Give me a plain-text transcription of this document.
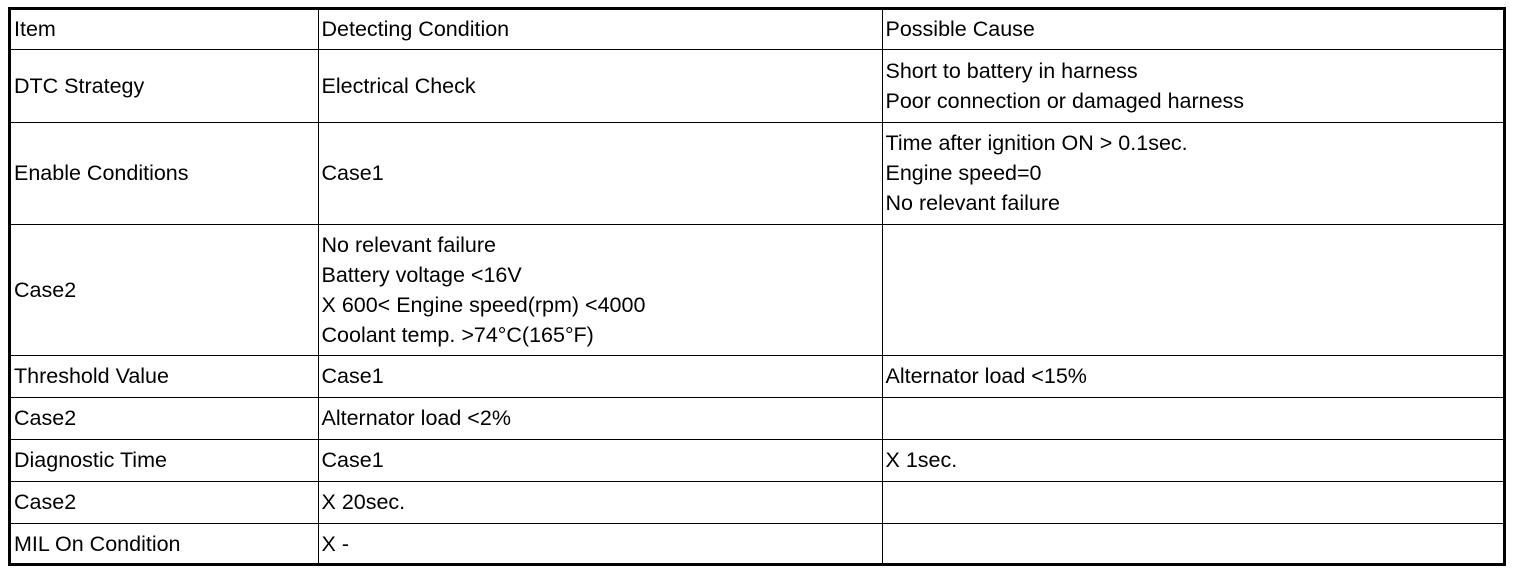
Item	Detecting Condition	Possible Cause
DTC Strategy	Electrical Check	Short to battery in harness
Poor connection or damaged harness

Enable Conditions	Case1	Time after ignition ON > 0.1sec.
Engine speed=0
No relevant failure

Case2	No relevant failure
Battery voltage <16V
X 600< Engine speed(rpm) <4000
Coolant temp. >74°C(165°F)	

Threshold Value	Case1	Alternator load <15%

Case2	Alternator load <2%	

Diagnostic Time	Case1	X 1sec.

Case2	X 20sec.	

MIL On Condition	X -	
